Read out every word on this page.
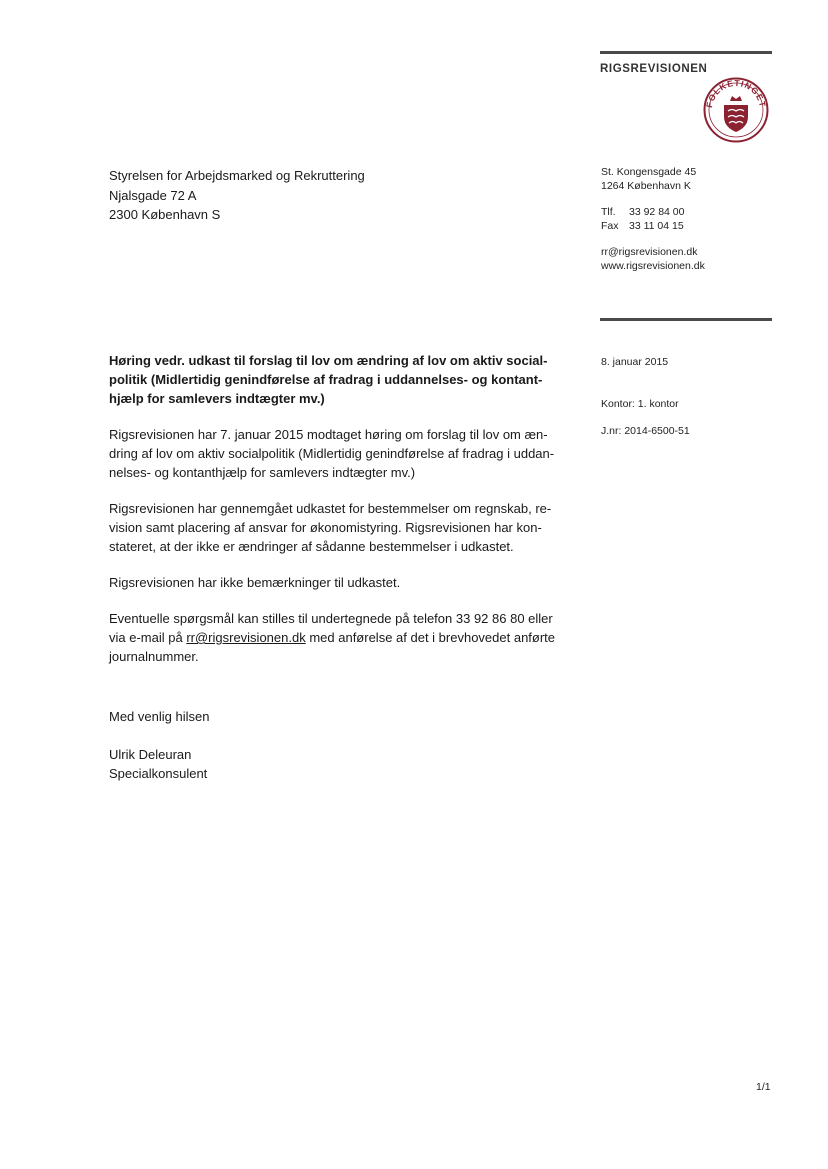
RIGSREVISIONEN
FOLKETINGET
Styrelsen for Arbejdsmarked og Rekruttering
Njalsgade 72 A
2300 København S
St. Kongensgade 45
1264 København K
Tlf. 33 92 84 00
Fax 33 11 04 15
rr@rigsrevisionen.dk
www.rigsrevisionen.dk
8. januar 2015
Kontor: 1. kontor
J.nr: 2014-6500-51

Høring vedr. udkast til forslag til lov om ændring af lov om aktiv social-
politik (Midlertidig genindførelse af fradrag i uddannelses- og kontant-
hjælp for samlevers indtægter mv.)

Rigsrevisionen har 7. januar 2015 modtaget høring om forslag til lov om æn-
dring af lov om aktiv socialpolitik (Midlertidig genindførelse af fradrag i uddan-
nelses- og kontanthjælp for samlevers indtægter mv.)

Rigsrevisionen har gennemgået udkastet for bestemmelser om regnskab, re-
vision samt placering af ansvar for økonomistyring. Rigsrevisionen har kon-
stateret, at der ikke er ændringer af sådanne bestemmelser i udkastet.

Rigsrevisionen har ikke bemærkninger til udkastet.

Eventuelle spørgsmål kan stilles til undertegnede på telefon 33 92 86 80 eller
via e-mail på rr@rigsrevisionen.dk med anførelse af det i brevhovedet anførte
journalnummer.

Med venlig hilsen
Ulrik Deleuran
Specialkonsulent
1/1
